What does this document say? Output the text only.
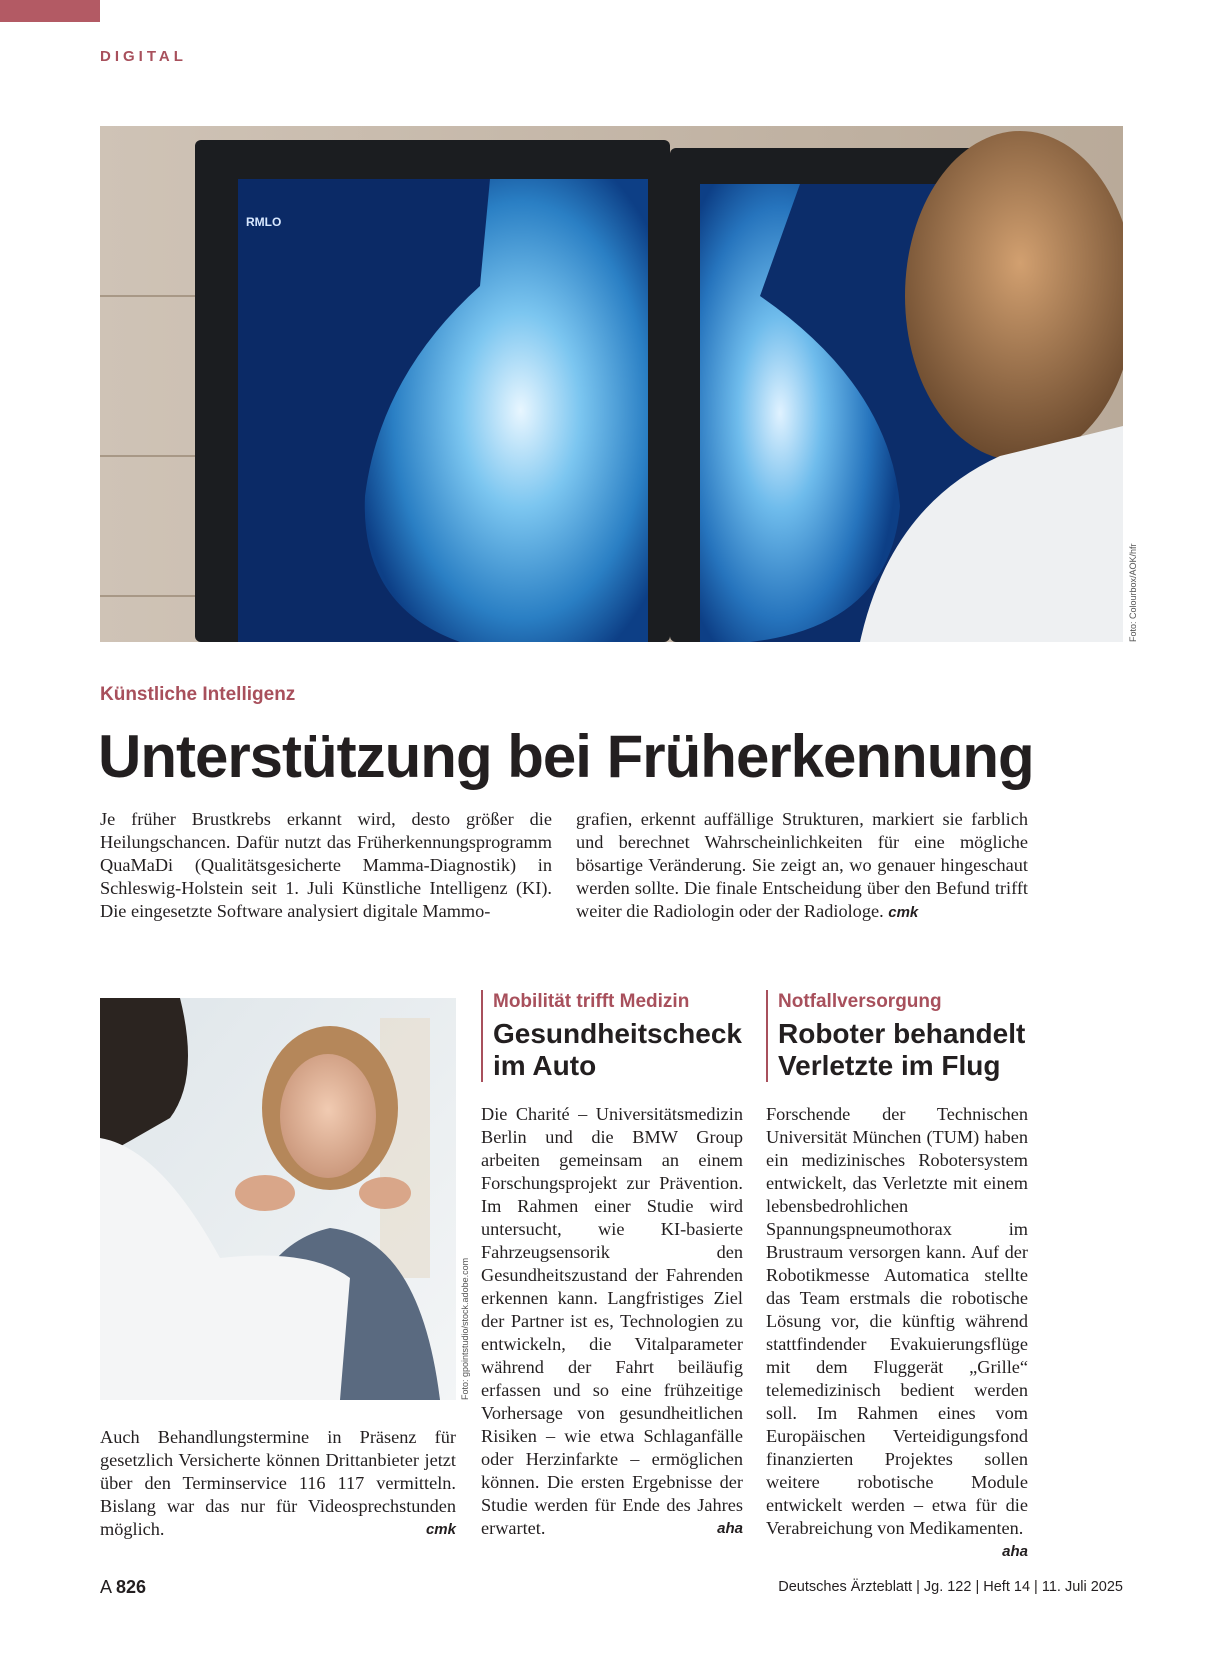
DIGITAL
RMLO
Foto: Colourbox/AOK/hfr
Künstliche Intelligenz
Unterstützung bei Früherkennung
Je früher Brustkrebs erkannt wird, desto größer die Heilungschancen. Dafür nutzt das Früherkennungsprogramm QuaMaDi (Qualitätsgesicherte Mamma-Diagnostik) in Schleswig-Holstein seit 1. Juli Künstliche Intelligenz (KI). Die eingesetzte Software analysiert digitale Mammo-
grafien, erkennt auffällige Strukturen, markiert sie farblich und berechnet Wahrscheinlichkeiten für eine mögliche bösartige Veränderung. Sie zeigt an, wo genauer hingeschaut werden sollte. Die finale Entscheidung über den Befund trifft weiter die Radiologin oder der Radiologe. cmk
Foto: gpointstudio/stock.adobe.com
Auch Behandlungstermine in Präsenz für gesetzlich Versicherte können Drittanbieter jetzt über den Terminservice 116 117 vermitteln. Bislang war das nur für Videosprechstunden möglich.	cmk
Mobilität trifft Medizin
Gesundheitscheck
im Auto
Die Charité – Universitätsmedizin Berlin und die BMW Group arbeiten gemeinsam an einem Forschungsprojekt zur Prävention. Im Rahmen einer Studie wird untersucht, wie KI-basierte Fahrzeugsensorik den Gesundheitszustand der Fahrenden erkennen kann. Langfristiges Ziel der Partner ist es, Technologien zu entwickeln, die Vitalparameter während der Fahrt beiläufig erfassen und so eine frühzeitige Vorhersage von gesundheitlichen Risiken – wie etwa Schlaganfälle oder Herzinfarkte – ermöglichen können. Die ersten Ergebnisse der Studie werden für Ende des Jahres erwartet.	aha
Notfallversorgung
Roboter behandelt
Verletzte im Flug
Forschende der Technischen Universität München (TUM) haben ein medizinisches Robotersystem entwickelt, das Verletzte mit einem lebensbedrohlichen Spannungspneumothorax im Brustraum versorgen kann. Auf der Robotikmesse Automatica stellte das Team erstmals die robotische Lösung vor, die künftig während stattfindender Evakuierungsflüge mit dem Fluggerät „Grille“ telemedizinisch bedient werden soll. Im Rahmen eines vom Europäischen Verteidigungsfond finanzierten Projektes sollen weitere robotische Module entwickelt werden – etwa für die Verabreichung von Medikamenten.
aha
A 826	Deutsches Ärzteblatt | Jg. 122 | Heft 14 | 11. Juli 2025
